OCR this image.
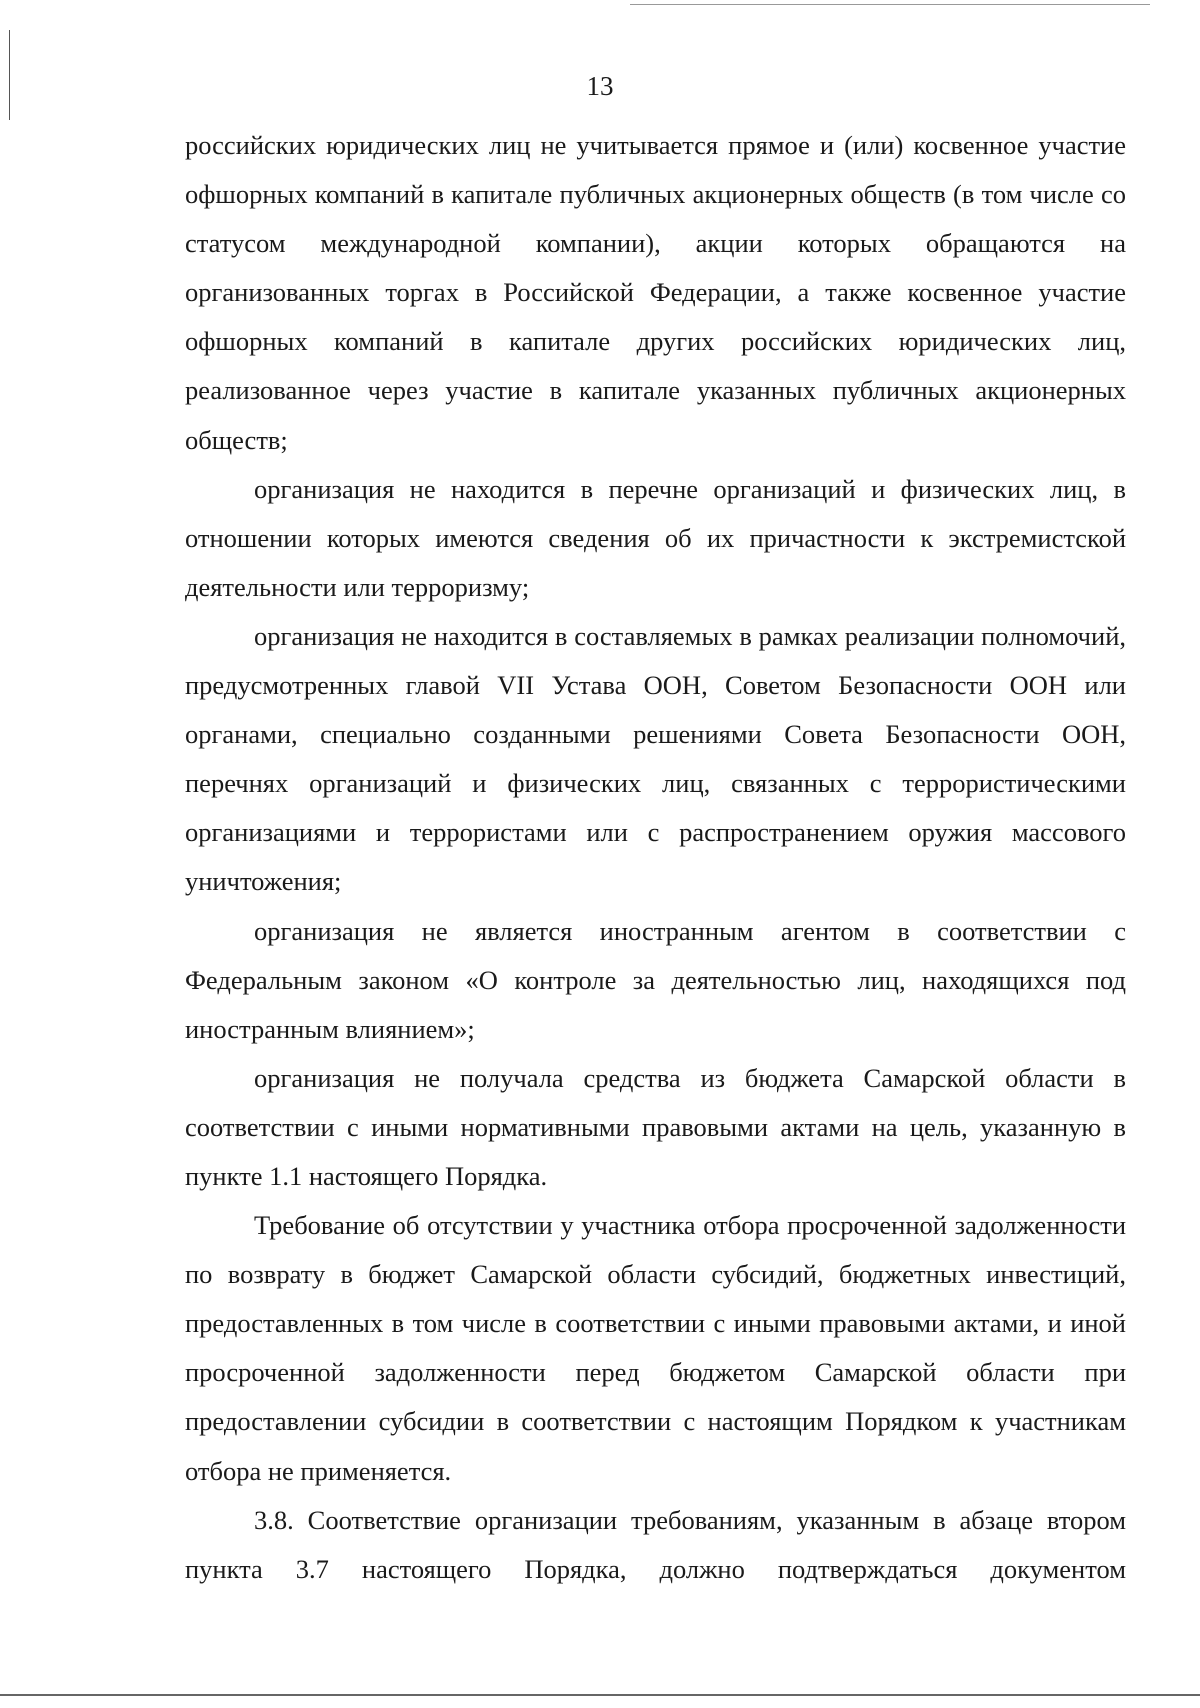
13

российских юридических лиц не учитывается прямое и (или) косвенное участие офшорных компаний в капитале публичных акционерных обществ (в том числе со статусом международной компании), акции которых обращаются на организованных торгах в Российской Федерации, а также косвенное участие офшорных компаний в капитале других российских юридических лиц, реализованное через участие в капитале указанных публичных акционерных обществ;

организация не находится в перечне организаций и физических лиц, в отношении которых имеются сведения об их причастности к экстремистской деятельности или терроризму;

организация не находится в составляемых в рамках реализации полномочий, предусмотренных главой VII Устава ООН, Советом Безопасности ООН или органами, специально созданными решениями Совета Безопасности ООН, перечнях организаций и физических лиц, связанных с террористическими организациями и террористами или с распространением оружия массового уничтожения;

организация не является иностранным агентом в соответствии с Федеральным законом «О контроле за деятельностью лиц, находящихся под иностранным влиянием»;

организация не получала средства из бюджета Самарской области в соответствии с иными нормативными правовыми актами на цель, указанную в пункте 1.1 настоящего Порядка.

Требование об отсутствии у участника отбора просроченной задолженности по возврату в бюджет Самарской области субсидий, бюджетных инвестиций, предоставленных в том числе в соответствии с иными правовыми актами, и иной просроченной задолженности перед бюджетом Самарской области при предоставлении субсидии в соответствии с настоящим Порядком к участникам отбора не применяется.

3.8. Соответствие организации требованиям, указанным в абзаце втором пункта 3.7 настоящего Порядка, должно подтверждаться документом
